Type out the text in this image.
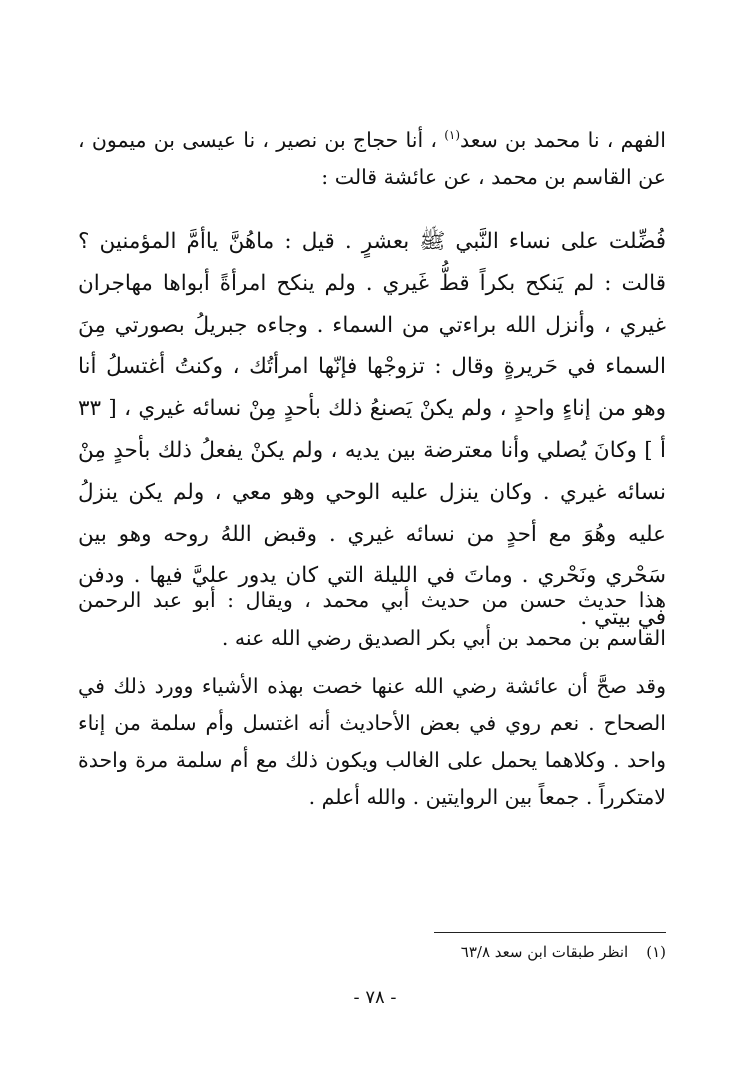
الفهم ، نا محمد بن سعد$^{(١)}$ ، أنا حجاج بن نصير ، نا عيسى بن ميمون ، عن القاسم بن محمد ، عن عائشة قالت :

فُضِّلت على نساء النَّبي ﷺ بعشرٍ . قيل : ماهُنَّ ياأمَّ المؤمنين ؟ قالت : لم يَنكح بكراً قطُّ غَيري . ولم ينكح امرأةً أبواها مهاجران غيري ، وأنزل الله براءتي من السماء . وجاءه جبريلُ بصورتي مِنَ السماء في حَريرةٍ وقال : تزوجْها فإنّها امرأتُك ، وكنتُ أغتسلُ أنا وهو من إناءٍ واحدٍ ، ولم يكنْ يَصنعُ ذلك بأحدٍ مِنْ نسائه غيري ، [ ٣٣ أ ] وكانَ يُصلي وأنا معترضة بين يديه ، ولم يكنْ يفعلُ ذلك بأحدٍ مِنْ نسائه غيري . وكان ينزل عليه الوحي وهو معي ، ولم يكن ينزلُ عليه وهُوَ مع أحدٍ من نسائه غيري . وقبض اللهُ روحه وهو بين سَحْري ونَحْري . وماتَ في الليلة التي كان يدور عليَّ فيها . ودفن في بيتي .

هذا حديث حسن من حديث أبي محمد ، ويقال : أبو عبد الرحمن القاسم بن محمد بن أبي بكر الصديق رضي الله عنه .

وقد صحَّ أن عائشة رضي الله عنها خصت بهذه الأشياء وورد ذلك في الصحاح . نعم روي في بعض الأحاديث أنه اغتسل وأم سلمة من إناء واحد . وكلاهما يحمل على الغالب ويكون ذلك مع أم سلمة مرة واحدة لامتكرراً . جمعاً بين الروايتين . والله أعلم .

(١)انظر طبقات ابن سعد ٦٣/٨
- ٧٨ -
